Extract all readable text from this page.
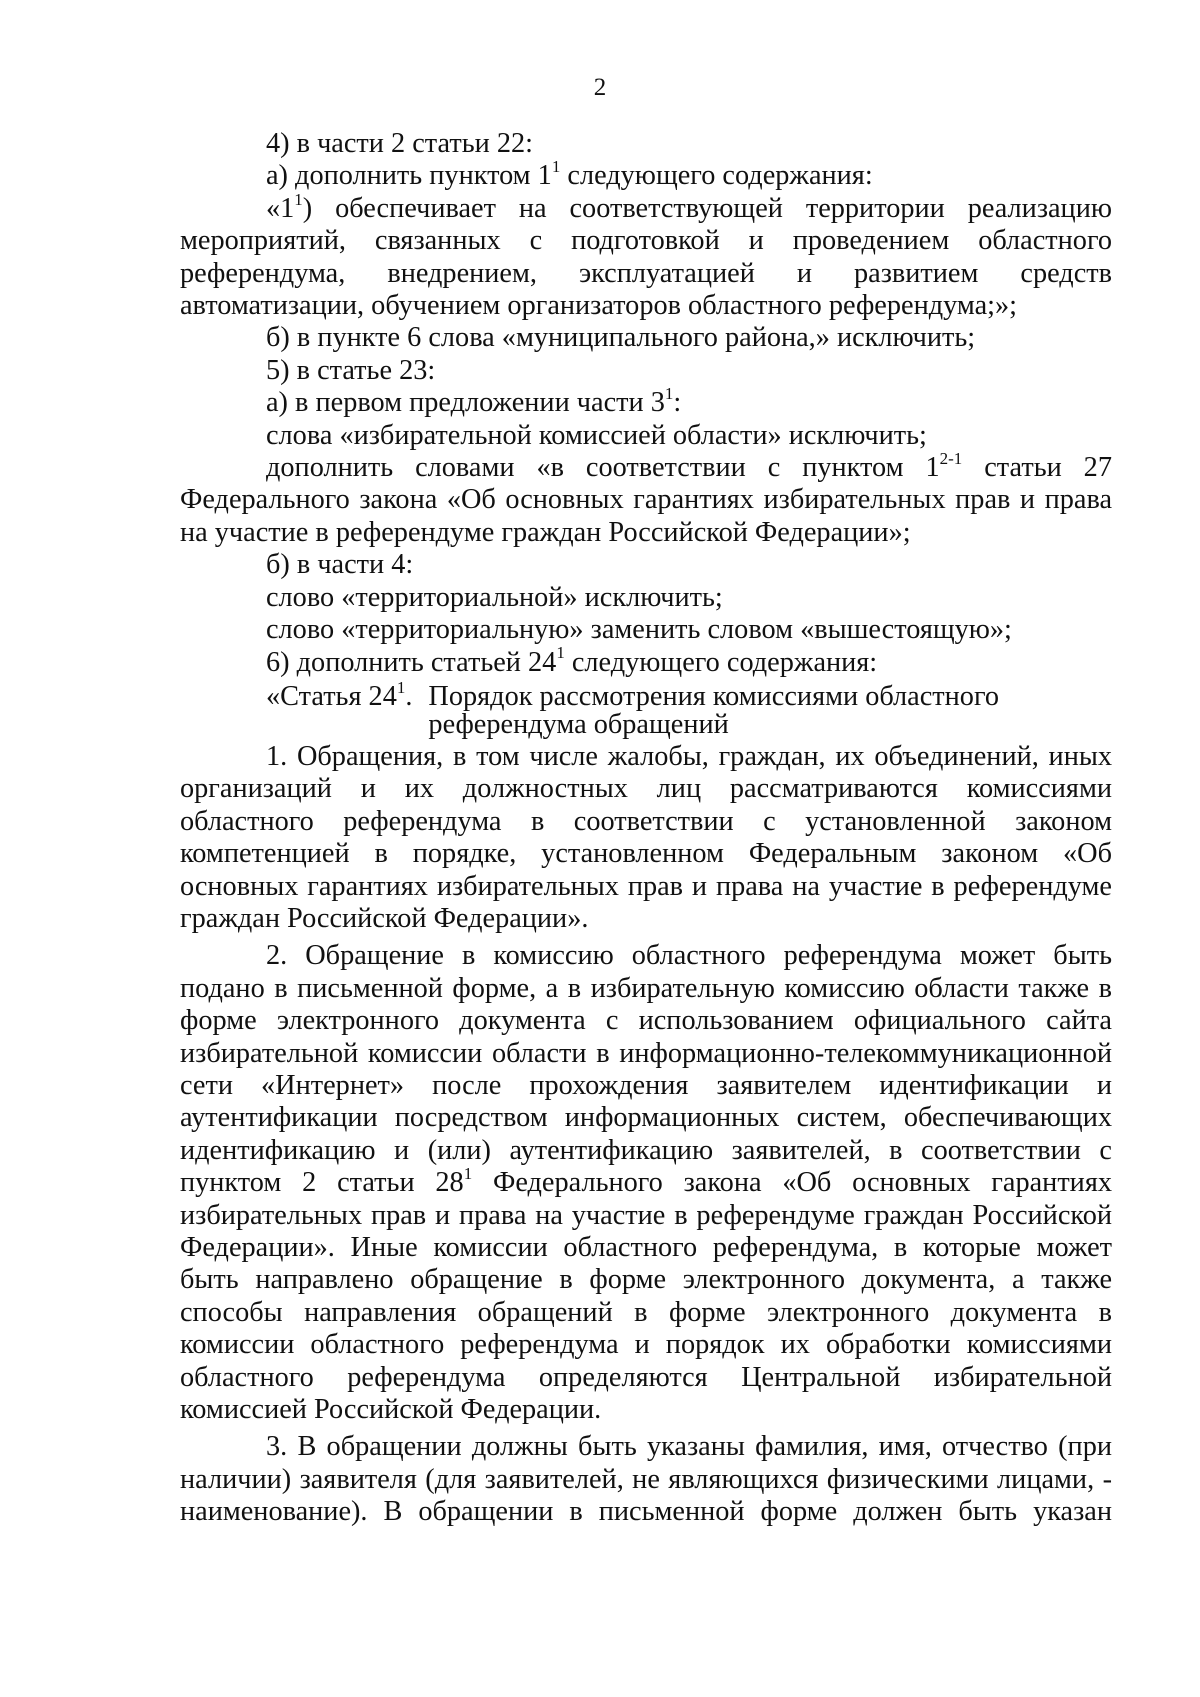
2

4) в части 2 статьи 22:

а) дополнить пунктом $1^1$ следующего содержания:

«$1^1$) обеспечивает на соответствующей территории реализацию мероприятий, связанных с подготовкой и проведением областного референдума, внедрением, эксплуатацией и развитием средств автоматизации, обучением организаторов областного референдума;»;

б) в пункте 6 слова «муниципального района,» исключить;

5) в статье 23:

а) в первом предложении части $3^1$:

слова «избирательной комиссией области» исключить;

дополнить словами «в соответствии с пунктом 1$^{2-1}$ статьи 27 Федерального закона «Об основных гарантиях избирательных прав и права на участие в референдуме граждан Российской Федерации»;

б) в части 4:

слово «территориальной» исключить;

слово «территориальную» заменить словом «вышестоящую»;

6) дополнить статьей $24^1$ следующего содержания:

«Статья $24^1$. Порядок рассмотрения комиссиями областного
референдума обращений

1. Обращения, в том числе жалобы, граждан, их объединений, иных организаций и их должностных лиц рассматриваются комиссиями областного референдума в соответствии с установленной законом компетенцией в порядке, установленном Федеральным законом «Об основных гарантиях избирательных прав и права на участие в референдуме граждан Российской Федерации».

2. Обращение в комиссию областного референдума может быть подано в письменной форме, а в избирательную комиссию области также в форме электронного документа с использованием официального сайта избирательной комиссии области в информационно-телекоммуникационной сети «Интернет» после прохождения заявителем идентификации и аутентификации посредством информационных систем, обеспечивающих идентификацию и (или) аутентификацию заявителей, в соответствии с пунктом 2 статьи $28^1$ Федерального закона «Об основных гарантиях избирательных прав и права на участие в референдуме граждан Российской Федерации». Иные комиссии областного референдума, в которые может быть направлено обращение в форме электронного документа, а также способы направления обращений в форме электронного документа в комиссии областного референдума и порядок их обработки комиссиями областного референдума определяются Центральной избирательной комиссией Российской Федерации.

3. В обращении должны быть указаны фамилия, имя, отчество (при наличии) заявителя (для заявителей, не являющихся физическими лицами, - наименование). В обращении в письменной форме должен быть указан
